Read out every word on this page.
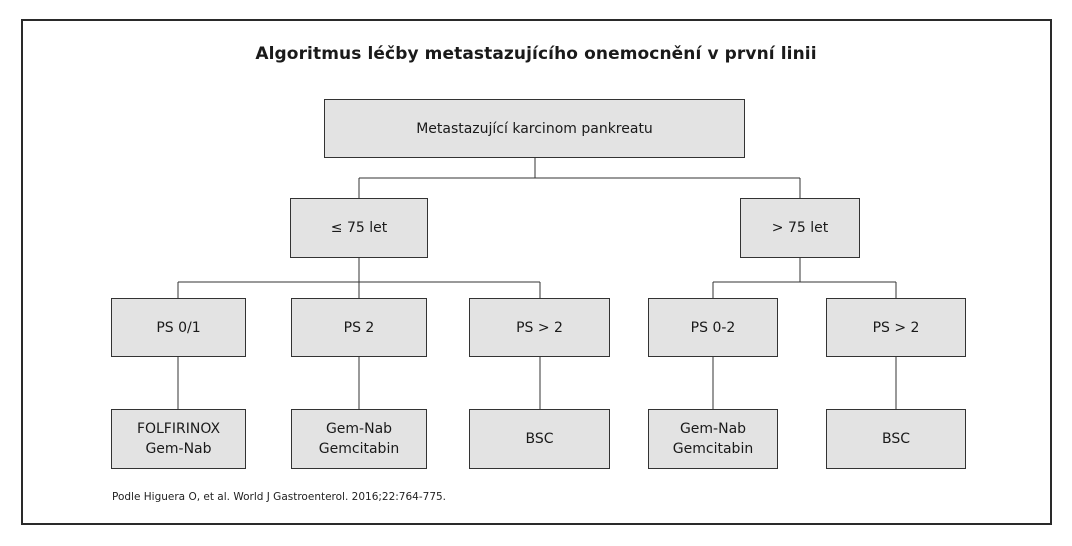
Algoritmus léčby metastazujícího onemocnění v první linii
Metastazující karcinom pankreatu
≤ 75 let	> 75 let
PS 0/1	PS 2	PS > 2	PS 0-2	PS > 2
FOLFIRINOX
Gem-Nab
Gem-Nab
Gemcitabin
BSC
Gem-Nab
Gemcitabin
BSC
Podle Higuera O, et al. World J Gastroenterol. 2016;22:764-775.
